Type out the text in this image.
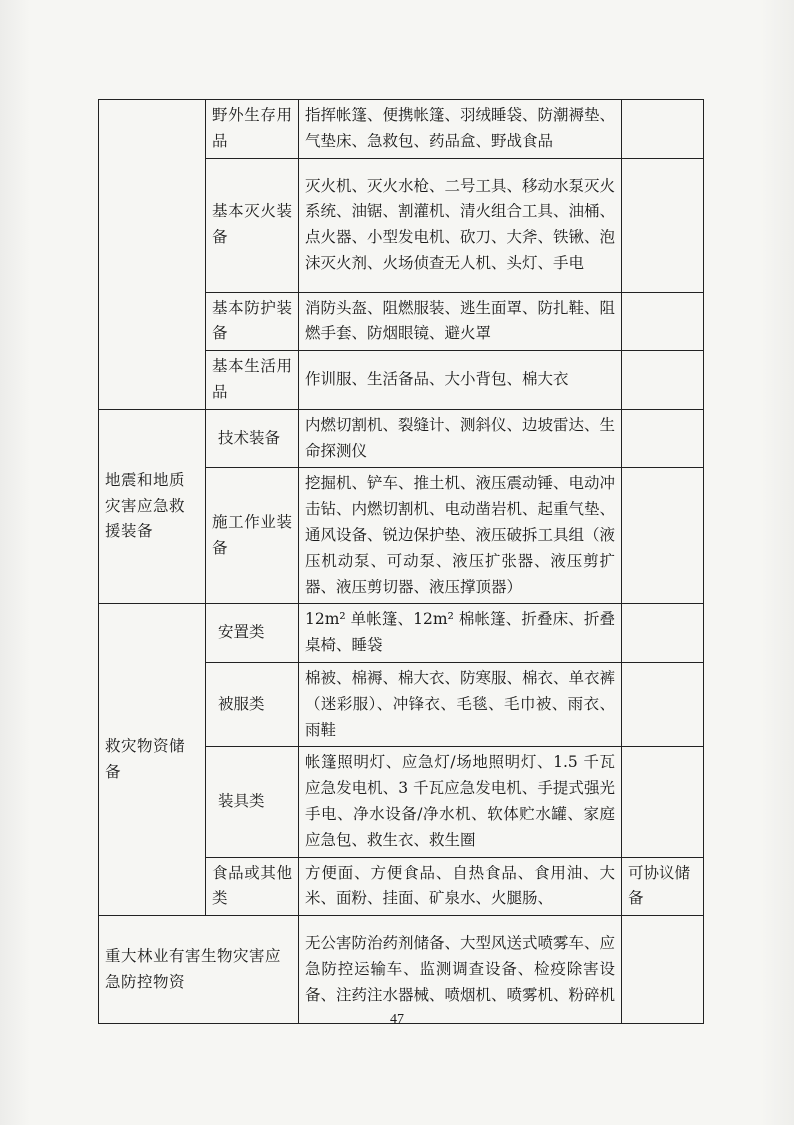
	野外生存用品	指挥帐篷、便携帐篷、羽绒睡袋、防潮褥垫、气垫床、急救包、药品盒、野战食品	
	基本灭火装备	灭火机、灭火水枪、二号工具、移动水泵灭火系统、油锯、割灌机、清火组合工具、油桶、点火器、小型发电机、砍刀、大斧、铁锹、泡沫灭火剂、火场侦查无人机、头灯、手电	
	基本防护装备	消防头盔、阻燃服装、逃生面罩、防扎鞋、阻燃手套、防烟眼镜、避火罩	
	基本生活用品	作训服、生活备品、大小背包、棉大衣	
地震和地质灾害应急救援装备	技术装备	内燃切割机、裂缝计、测斜仪、边坡雷达、生命探测仪	
	施工作业装备	挖掘机、铲车、推土机、液压震动锤、电动冲击钻、内燃切割机、电动凿岩机、起重气垫、通风设备、锐边保护垫、液压破拆工具组（液压机动泵、可动泵、液压扩张器、液压剪扩器、液压剪切器、液压撑顶器）	
救灾物资储备	安置类	12m² 单帐篷、12m² 棉帐篷、折叠床、折叠桌椅、睡袋	
	被服类	棉被、棉褥、棉大衣、防寒服、棉衣、单衣裤（迷彩服）、冲锋衣、毛毯、毛巾被、雨衣、雨鞋	
	装具类	帐篷照明灯、应急灯/场地照明灯、1.5 千瓦应急发电机、3 千瓦应急发电机、手提式强光手电、净水设备/净水机、软体贮水罐、家庭应急包、救生衣、救生圈	
	食品或其他类	方便面、方便食品、自热食品、食用油、大米、面粉、挂面、矿泉水、火腿肠、	可协议储备
重大林业有害生物灾害应急防控物资		无公害防治药剂储备、大型风送式喷雾车、应急防控运输车、监测调查设备、检疫除害设备、注药注水器械、喷烟机、喷雾机、粉碎机	
47
